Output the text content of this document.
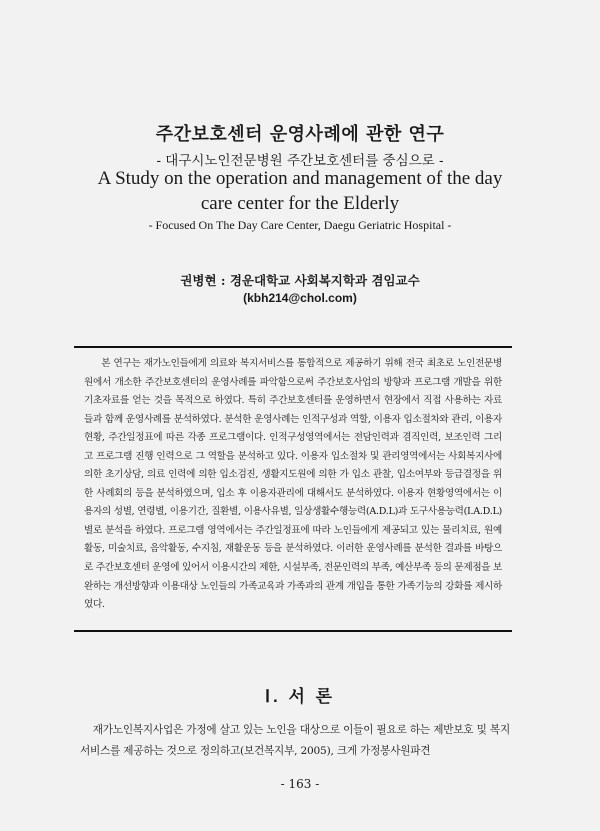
주간보호센터 운영사례에 관한 연구
- 대구시노인전문병원 주간보호센터를 중심으로 -
A Study on the operation and management of the day
care center for the Elderly
- Focused On The Day Care Center, Daegu Geriatric Hospital -
권병현 : 경운대학교 사회복지학과 겸임교수
(kbh214@chol.com)

본 연구는 재가노인들에게 의료와 복지서비스를 통합적으로 제공하기 위해 전국 최초로 노인전문병원에서 개소한 주간보호센터의 운영사례를 파악함으로써 주간보호사업의 방향과 프로그램 개발을 위한 기초자료를 얻는 것을 목적으로 하였다. 특히 주간보호센터를 운영하면서 현장에서 직접 사용하는 자료들과 함께 운영사례를 분석하였다. 분석한 운영사례는 인적구성과 역할, 이용자 입소절차와 관리, 이용자 현황, 주간일정표에 따른 각종 프로그램이다. 인적구성영역에서는 전담인력과 겸직인력, 보조인력 그리고 프로그램 진행 인력으로 그 역할을 분석하고 있다. 이용자 입소절차 및 관리영역에서는 사회복지사에 의한 초기상담, 의료 인력에 의한 입소검진, 생활지도원에 의한 가 입소 관찰, 입소여부와 등급결정을 위한 사례회의 등을 분석하였으며, 입소 후 이용자관리에 대해서도 분석하였다. 이용자 현황영역에서는 이용자의 성별, 연령별, 이용기간, 질환별, 이용사유별, 일상생활수행능력(A.D.L)과 도구사용능력(I.A.D.L)별로 분석을 하였다. 프로그램 영역에서는 주간일정표에 따라 노인들에게 제공되고 있는 물리치료, 원예활동, 미술치료, 음악활동, 수지침, 재활운동 등을 분석하였다. 이러한 운영사례를 분석한 결과를 바탕으로 주간보호센터 운영에 있어서 이용시간의 제한, 시설부족, 전문인력의 부족, 예산부족 등의 문제점을 보완하는 개선방향과 이용대상 노인들의 가족교육과 가족과의 관계 개입을 통한 가족기능의 강화를 제시하였다.

Ⅰ. 서 론

재가노인복지사업은 가정에 살고 있는 노인을 대상으로 이들이 필요로 하는 제반보호 및 복지서비스를 제공하는 것으로 정의하고(보건복지부, 2005), 크게 가정봉사원파견

- 163 -
